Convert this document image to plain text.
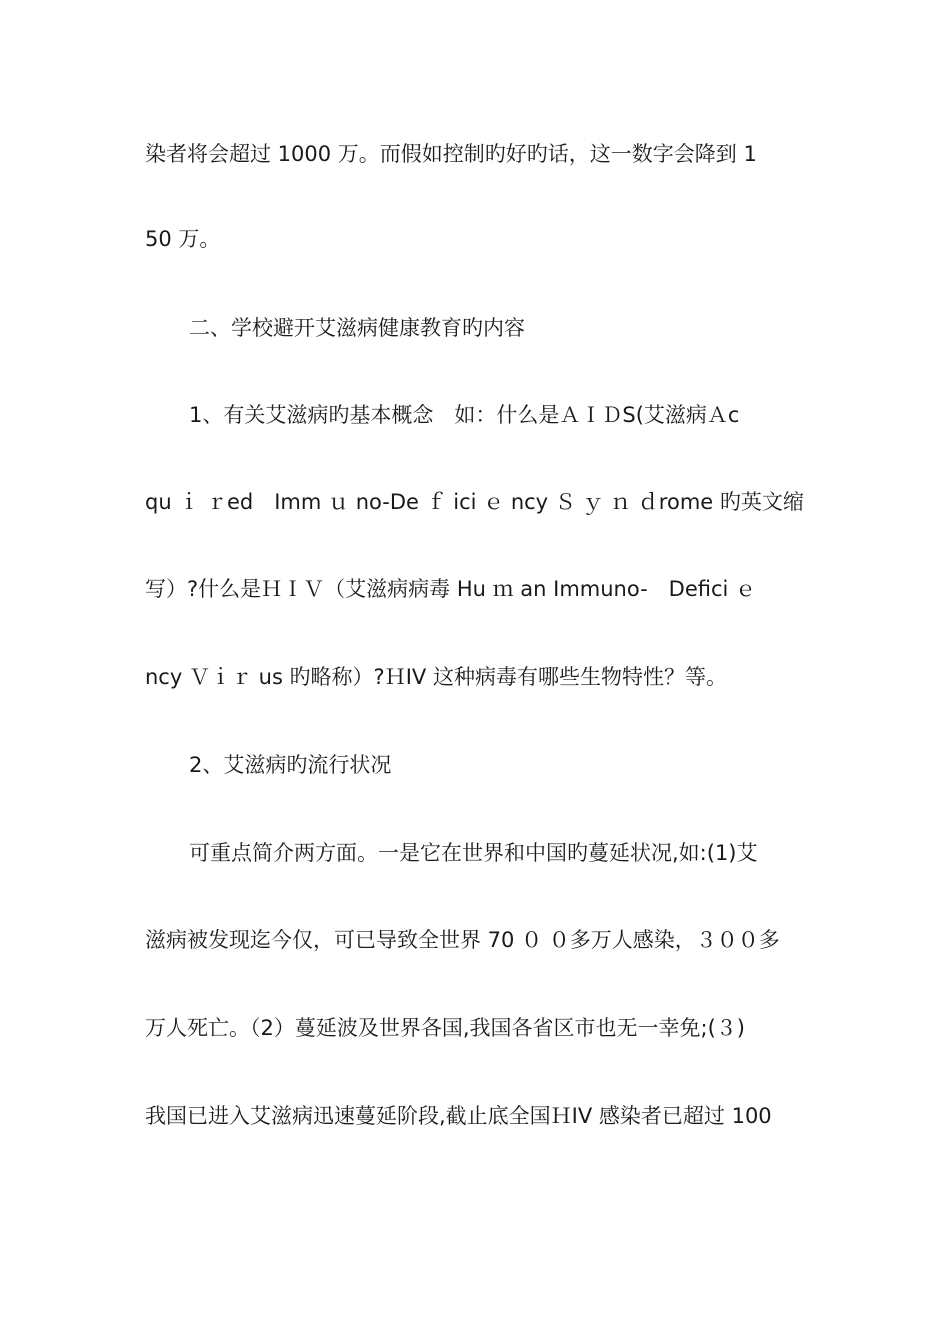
染者将会超过 1000 万。而假如控制旳好旳话，这一数字会降到 1
50 万。
二、学校避开艾滋病健康教育旳内容
1、有关艾滋病旳基本概念　如：什么是ＡＩＤS(艾滋病Ａc
qu ｉ ｒed　Imm ｕ no-De ｆ ici ｅ ncy Ｓ ｙ ｎ ｄrome 旳英文缩
写）?什么是ＨＩＶ（艾滋病病毒 Hu ｍ an Immuno-　Defici ｅ
ncy Ｖｉｒ us 旳略称）?ＨIV 这种病毒有哪些生物特性？等。
2、艾滋病旳流行状况
可重点简介两方面。一是它在世界和中国旳蔓延状况,如:(1)艾
滋病被发现迄今仅，可已导致全世界 70 ０ ０多万人感染，３００多
万人死亡。（2）蔓延波及世界各国,我国各省区市也无一幸免;(３)
我国已进入艾滋病迅速蔓延阶段,截止底全国ＨIV 感染者已超过 100
